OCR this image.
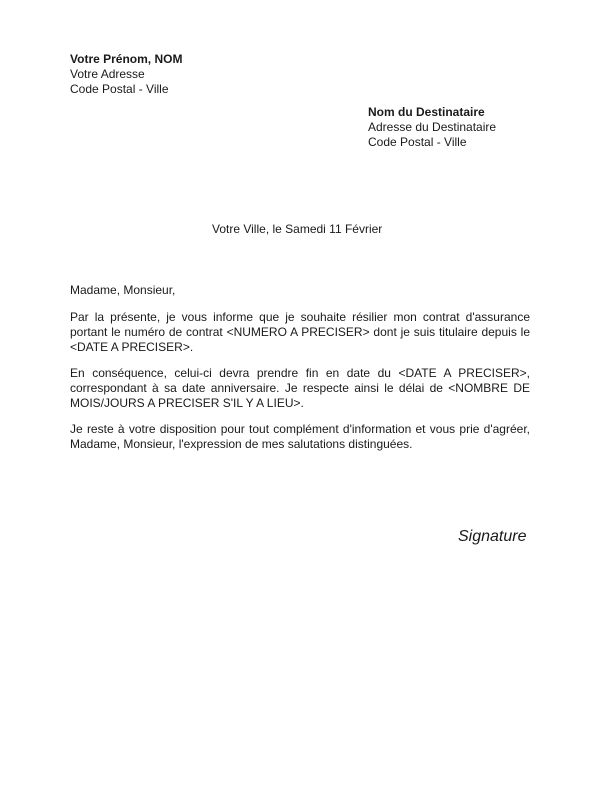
Votre Prénom, NOM
Votre Adresse
Code Postal - Ville
Nom du Destinataire
Adresse du Destinataire
Code Postal - Ville
Votre Ville, le Samedi 11 Février

Madame, Monsieur,

Par la présente, je vous informe que je souhaite résilier mon contrat d'assurance portant le numéro de contrat <NUMERO A PRECISER> dont je suis titulaire depuis le <DATE A PRECISER>.

En conséquence, celui-ci devra prendre fin en date du <DATE A PRECISER>, correspondant à sa date anniversaire. Je respecte ainsi le délai de <NOMBRE DE MOIS/JOURS A PRECISER S'IL Y A LIEU>.

Je reste à votre disposition pour tout complément d'information et vous prie d'agréer, Madame, Monsieur, l'expression de mes salutations distinguées.

Signature
